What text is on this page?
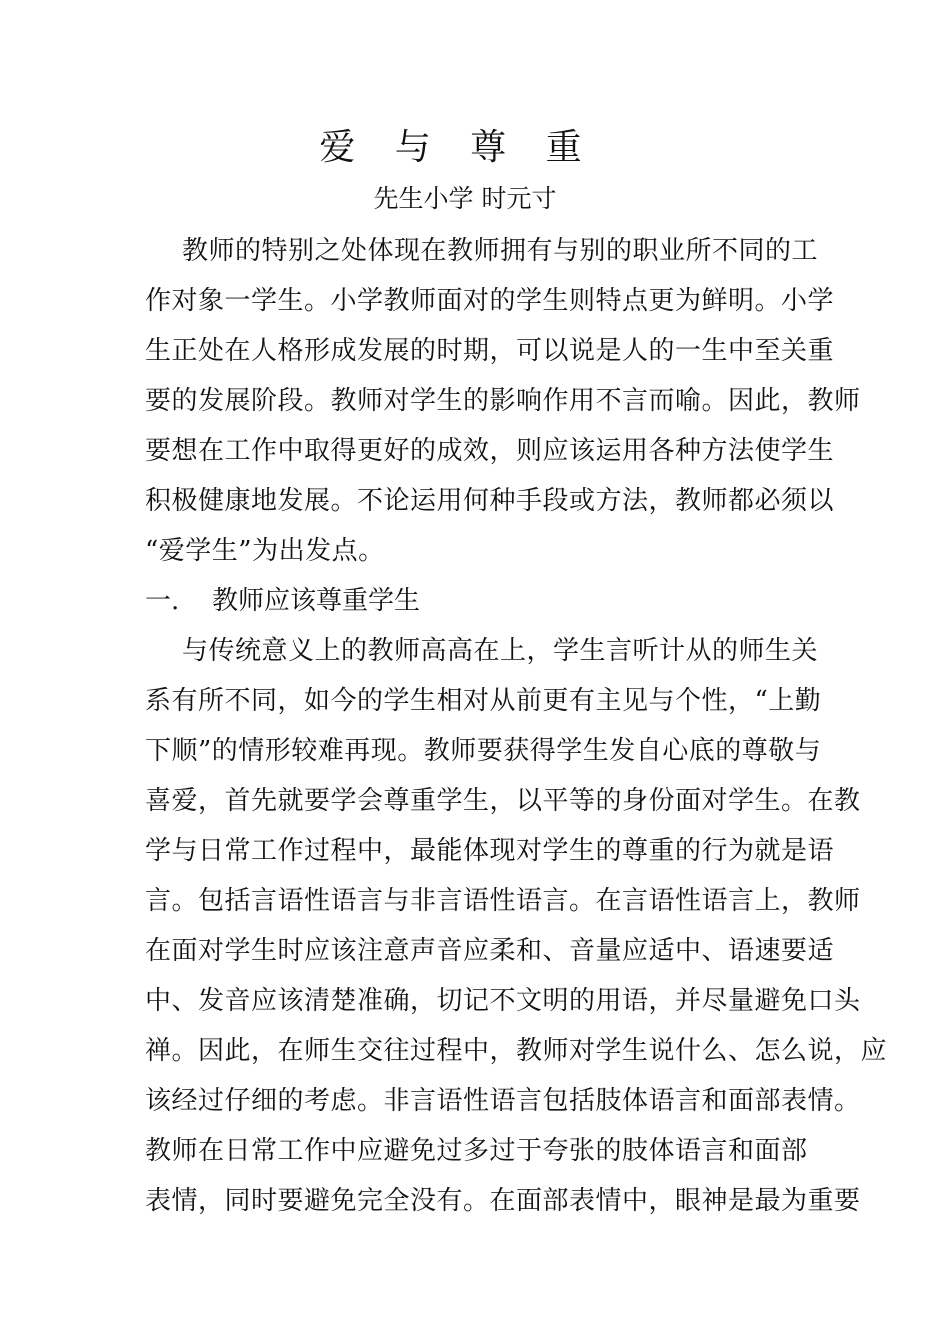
爱 与 尊 重
先生小学 时元寸
教师的特别之处体现在教师拥有与别的职业所不同的工
作对象一学生。小学教师面对的学生则特点更为鲜明。小学
生正处在人格形成发展的时期，可以说是人的一生中至关重
要的发展阶段。教师对学生的影响作用不言而喻。因此，教师
要想在工作中取得更好的成效，则应该运用各种方法使学生
积极健康地发展。不论运用何种手段或方法，教师都必须以
“爱学生”为出发点。
一. 教师应该尊重学生
与传统意义上的教师高高在上，学生言听计从的师生关
系有所不同，如今的学生相对从前更有主见与个性，“上勤
下顺”的情形较难再现。教师要获得学生发自心底的尊敬与
喜爱，首先就要学会尊重学生，以平等的身份面对学生。在教
学与日常工作过程中，最能体现对学生的尊重的行为就是语
言。包括言语性语言与非言语性语言。在言语性语言上，教师
在面对学生时应该注意声音应柔和、音量应适中、语速要适
中、发音应该清楚准确，切记不文明的用语，并尽量避免口头
禅。因此，在师生交往过程中，教师对学生说什么、怎么说，应
该经过仔细的考虑。非言语性语言包括肢体语言和面部表情。
教师在日常工作中应避免过多过于夸张的肢体语言和面部
表情，同时要避免完全没有。在面部表情中，眼神是最为重要
